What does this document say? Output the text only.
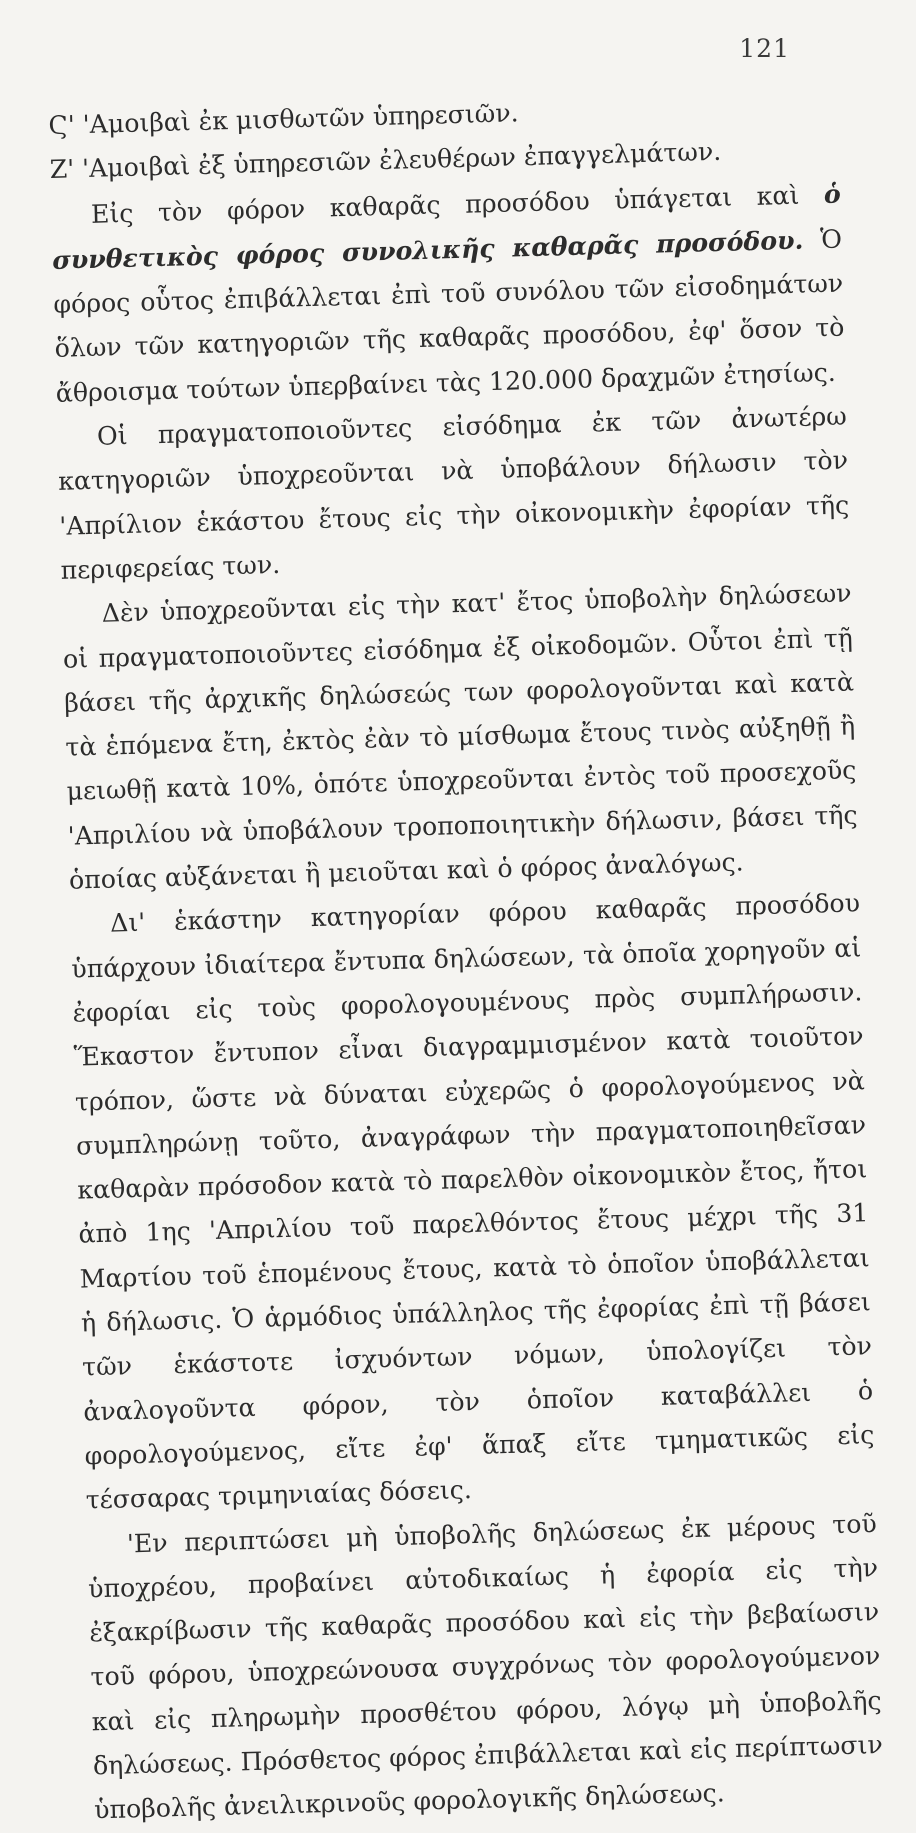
121

Ϛ' 'Αμοιβαὶ ἐκ μισθωτῶν ὑπηρεσιῶν.

Ζ' 'Αμοιβαὶ ἐξ ὑπηρεσιῶν ἐλευθέρων ἐπαγγελμάτων.

Εἰς τὸν φόρον καθαρᾶς προσόδου ὑπάγεται καὶ ὁ συνθετικὸς φόρος συνολικῆς καθαρᾶς προσόδου. Ὁ φόρος οὗτος ἐπιβάλλεται ἐπὶ τοῦ συνόλου τῶν εἰσοδημάτων ὅλων τῶν κατηγοριῶν τῆς καθαρᾶς προσόδου, ἐφ' ὅσον τὸ ἄθροισμα τούτων ὑπερβαίνει τὰς 120.000 δραχμῶν ἐτησίως.

Οἱ πραγματοποιοῦντες εἰσόδημα ἐκ τῶν ἀνωτέρω κατηγοριῶν ὑποχρεοῦνται νὰ ὑποβάλουν δήλωσιν τὸν 'Απρίλιον ἑκάστου ἔτους εἰς τὴν οἰκονομικὴν ἐφορίαν τῆς περιφερείας των.

Δὲν ὑποχρεοῦνται εἰς τὴν κατ' ἔτος ὑποβολὴν δηλώσεων οἱ πραγματοποιοῦντες εἰσόδημα ἐξ οἰκοδομῶν. Οὗτοι ἐπὶ τῇ βάσει τῆς ἀρχικῆς δηλώσεώς των φορολογοῦνται καὶ κατὰ τὰ ἑπόμενα ἔτη, ἐκτὸς ἐὰν τὸ μίσθωμα ἔτους τινὸς αὐξηθῇ ἢ μειωθῇ κατὰ 10%, ὁπότε ὑποχρεοῦνται ἐντὸς τοῦ προσεχοῦς 'Απριλίου νὰ ὑποβάλουν τροποποιητικὴν δήλωσιν, βάσει τῆς ὁποίας αὐξάνεται ἢ μειοῦται καὶ ὁ φόρος ἀναλόγως.

Δι' ἑκάστην κατηγορίαν φόρου καθαρᾶς προσόδου ὑπάρχουν ἰδιαίτερα ἔντυπα δηλώσεων, τὰ ὁποῖα χορηγοῦν αἱ ἐφορίαι εἰς τοὺς φορολογουμένους πρὸς συμπλήρωσιν. Ἕκαστον ἔντυπον εἶναι διαγραμμισμένον κατὰ τοιοῦτον τρόπον, ὥστε νὰ δύναται εὐχερῶς ὁ φορολογούμενος νὰ συμπληρώνῃ τοῦτο, ἀναγράφων τὴν πραγματοποιηθεῖσαν καθαρὰν πρόσοδον κατὰ τὸ παρελθὸν οἰκονομικὸν ἔτος, ἤτοι ἀπὸ 1ης 'Απριλίου τοῦ παρελθόντος ἔτους μέχρι τῆς 31 Μαρτίου τοῦ ἑπομένους ἔτους, κατὰ τὸ ὁποῖον ὑποβάλλεται ἡ δήλωσις. Ὁ ἁρμόδιος ὑπάλληλος τῆς ἐφορίας ἐπὶ τῇ βάσει τῶν ἑκάστοτε ἰσχυόντων νόμων, ὑπολογίζει τὸν ἀναλογοῦντα φόρον, τὸν ὁποῖον καταβάλλει ὁ φορολογούμενος, εἴτε ἐφ' ἅπαξ εἴτε τμηματικῶς εἰς τέσσαρας τριμηνιαίας δόσεις.

'Εν περιπτώσει μὴ ὑποβολῆς δηλώσεως ἐκ μέρους τοῦ ὑποχρέου, προβαίνει αὐτοδικαίως ἡ ἐφορία εἰς τὴν ἐξακρίβωσιν τῆς καθαρᾶς προσόδου καὶ εἰς τὴν βεβαίωσιν τοῦ φόρου, ὑποχρεώνουσα συγχρόνως τὸν φορολογούμενον καὶ εἰς πληρωμὴν προσθέτου φόρου, λόγῳ μὴ ὑποβολῆς δηλώσεως. Πρόσθετος φόρος ἐπιβάλλεται καὶ εἰς περίπτωσιν ὑποβολῆς ἀνειλικρινοῦς φορολογικῆς δηλώσεως.
